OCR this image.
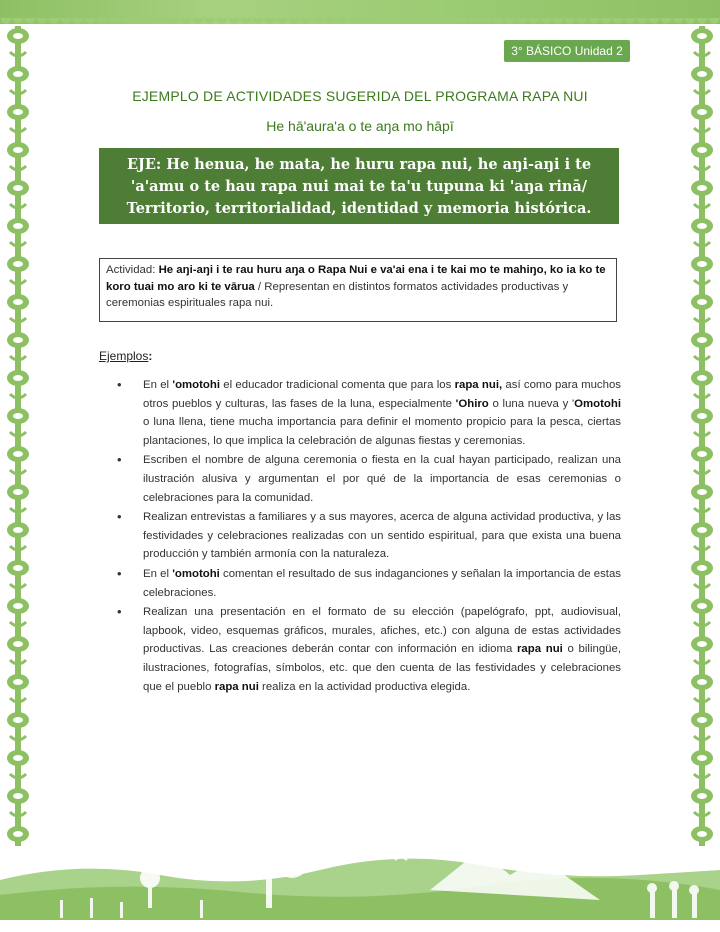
3° BÁSICO Unidad 2
EJEMPLO DE ACTIVIDADES SUGERIDA DEL PROGRAMA RAPA NUI
He hā'aura'a o te aŋa mo hāpī
EJE: He henua, he mata, he huru rapa nui, he aŋi-aŋi i te 'a'amu o te hau rapa nui mai te ta'u tupuna ki 'aŋa rinā/ Territorio, territorialidad, identidad y memoria histórica.
Actividad: He aŋi-aŋi i te rau huru aŋa o Rapa Nui e va'ai ena i te kai mo te mahiŋo, ko ia ko te koro tuai mo aro ki te vārua / Representan en distintos formatos actividades productivas y ceremonias espirituales rapa nui.
Ejemplos:
• En el 'omotohi el educador tradicional comenta que para los rapa nui, así como para muchos otros pueblos y culturas, las fases de la luna, especialmente 'Ohiro o luna nueva y 'Omotohi o luna llena, tiene mucha importancia para definir el momento propicio para la pesca, ciertas plantaciones, lo que implica la celebración de algunas fiestas y ceremonias.
• Escriben el nombre de alguna ceremonia o fiesta en la cual hayan participado, realizan una ilustración alusiva y argumentan el por qué de la importancia de esas ceremonias o celebraciones para la comunidad.
• Realizan entrevistas a familiares y a sus mayores, acerca de alguna actividad productiva, y las festividades y celebraciones realizadas con un sentido espiritual, para que exista una buena producción y también armonía con la naturaleza.
• En el 'omotohi comentan el resultado de sus indaganciones y señalan la importancia de estas celebraciones.
• Realizan una presentación en el formato de su elección (papelógrafo, ppt, audiovisual, lapbook, video, esquemas gráficos, murales, afiches, etc.) con alguna de estas actividades productivas. Las creaciones deberán contar con información en idioma rapa nui o bilingüe, ilustraciones, fotografías, símbolos, etc. que den cuenta de las festividades y celebraciones que el pueblo rapa nui realiza en la actividad productiva elegida.
